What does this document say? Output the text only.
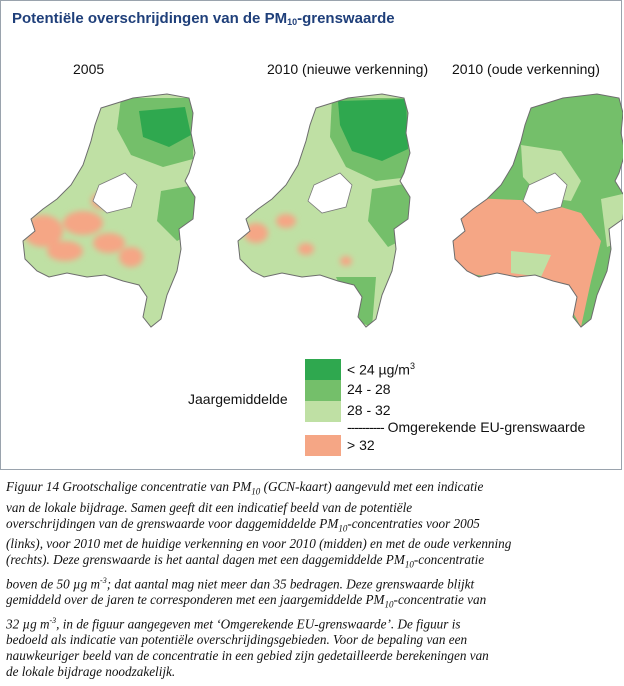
Potentiële overschrijdingen van de $PM_{10}$-grenswaarde
2005	2010 (nieuwe verkenning) 2010 (oude verkenning)
< 24 $\mu g/m^3$
24 - 28
Jaargemiddelde
28 - 32
---------- Omgerekende EU-grenswaarde
> 32
Figuur 14 Grootschalige concentratie van $PM_{10}$ (GCN-kaart) aangevuld met een indicatie
van de lokale bijdrage. Samen geeft dit een indicatief beeld van de potentiële
overschrijdingen van de grenswaarde voor daggemiddelde $PM_{10}$-concentraties voor 2005
(links), voor 2010 met de huidige verkenning en voor 2010 (midden) en met de oude verkenning
(rechts). Deze grenswaarde is het aantal dagen met een daggemiddelde $PM_{10}$-concentratie
boven de 50 µg $m^{-3}$; dat aantal mag niet meer dan 35 bedragen. Deze grenswaarde blijkt
gemiddeld over de jaren te corresponderen met een jaargemiddelde $PM_{10}$-concentratie van
32 µg $m^{-3}$, in de figuur aangegeven met ‘Omgerekende EU-grenswaarde’. De figuur is
bedoeld als indicatie van potentiële overschrijdingsgebieden. Voor de bepaling van een
nauwkeuriger beeld van de concentratie in een gebied zijn gedetailleerde berekeningen van
de lokale bijdrage noodzakelijk.
